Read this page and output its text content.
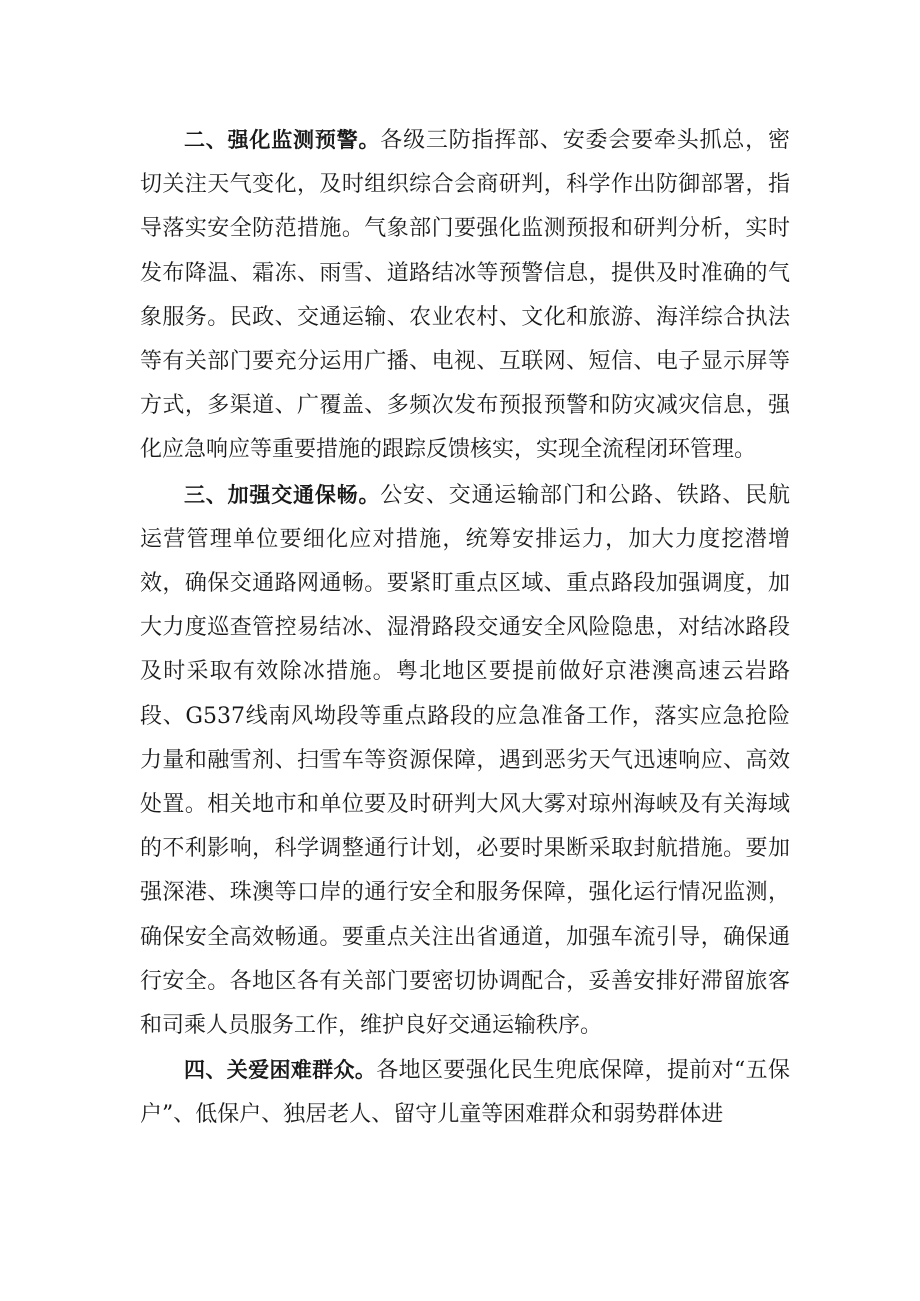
二、强化监测预警。各级三防指挥部、安委会要牵头抓总，密切关注天气变化，及时组织综合会商研判，科学作出防御部署，指导落实安全防范措施。气象部门要强化监测预报和研判分析，实时发布降温、霜冻、雨雪、道路结冰等预警信息，提供及时准确的气象服务。民政、交通运输、农业农村、文化和旅游、海洋综合执法等有关部门要充分运用广播、电视、互联网、短信、电子显示屏等方式，多渠道、广覆盖、多频次发布预报预警和防灾减灾信息，强化应急响应等重要措施的跟踪反馈核实，实现全流程闭环管理。

三、加强交通保畅。公安、交通运输部门和公路、铁路、民航运营管理单位要细化应对措施，统筹安排运力，加大力度挖潜增效，确保交通路网通畅。要紧盯重点区域、重点路段加强调度，加大力度巡查管控易结冰、湿滑路段交通安全风险隐患，对结冰路段及时采取有效除冰措施。粤北地区要提前做好京港澳高速云岩路段、G537线南风坳段等重点路段的应急准备工作，落实应急抢险力量和融雪剂、扫雪车等资源保障，遇到恶劣天气迅速响应、高效处置。相关地市和单位要及时研判大风大雾对琼州海峡及有关海域的不利影响，科学调整通行计划，必要时果断采取封航措施。要加强深港、珠澳等口岸的通行安全和服务保障，强化运行情况监测，确保安全高效畅通。要重点关注出省通道，加强车流引导，确保通行安全。各地区各有关部门要密切协调配合，妥善安排好滞留旅客和司乘人员服务工作，维护良好交通运输秩序。

四、关爱困难群众。各地区要强化民生兜底保障，提前对“五保户”、低保户、独居老人、留守儿童等困难群众和弱势群体进
